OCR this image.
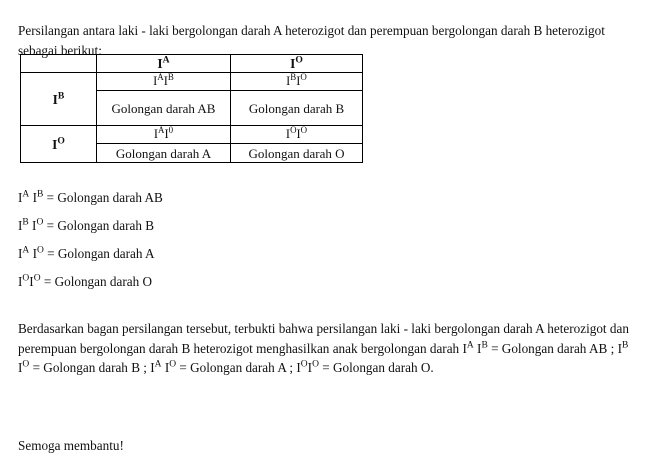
Persilangan antara laki - laki bergolongan darah A heterozigot dan perempuan bergolongan darah B heterozigot sebagai berikut:

	$I^A$	$I^O$
$I^B$	$I^AI^B$	$I^BI^O$
	Golongan darah AB	Golongan darah B
$I^O$	$I^AI^0$	$I^OI^O$
	Golongan darah A	Golongan darah O
$I^A$ $I^B$ = Golongan darah AB
$I^B$ $I^O$ = Golongan darah B
$I^A$ $I^O$ = Golongan darah A
$I^OI^O$ = Golongan darah O

Berdasarkan bagan persilangan tersebut, terbukti bahwa persilangan laki - laki bergolongan darah A heterozigot dan perempuan bergolongan darah B heterozigot menghasilkan anak bergolongan darah $I^A$ $I^B$ = Golongan darah AB ; $I^B$ $I^O$ = Golongan darah B ; $I^A$ $I^O$ = Golongan darah A ; $I^OI^O$ = Golongan darah O.

Semoga membantu!
